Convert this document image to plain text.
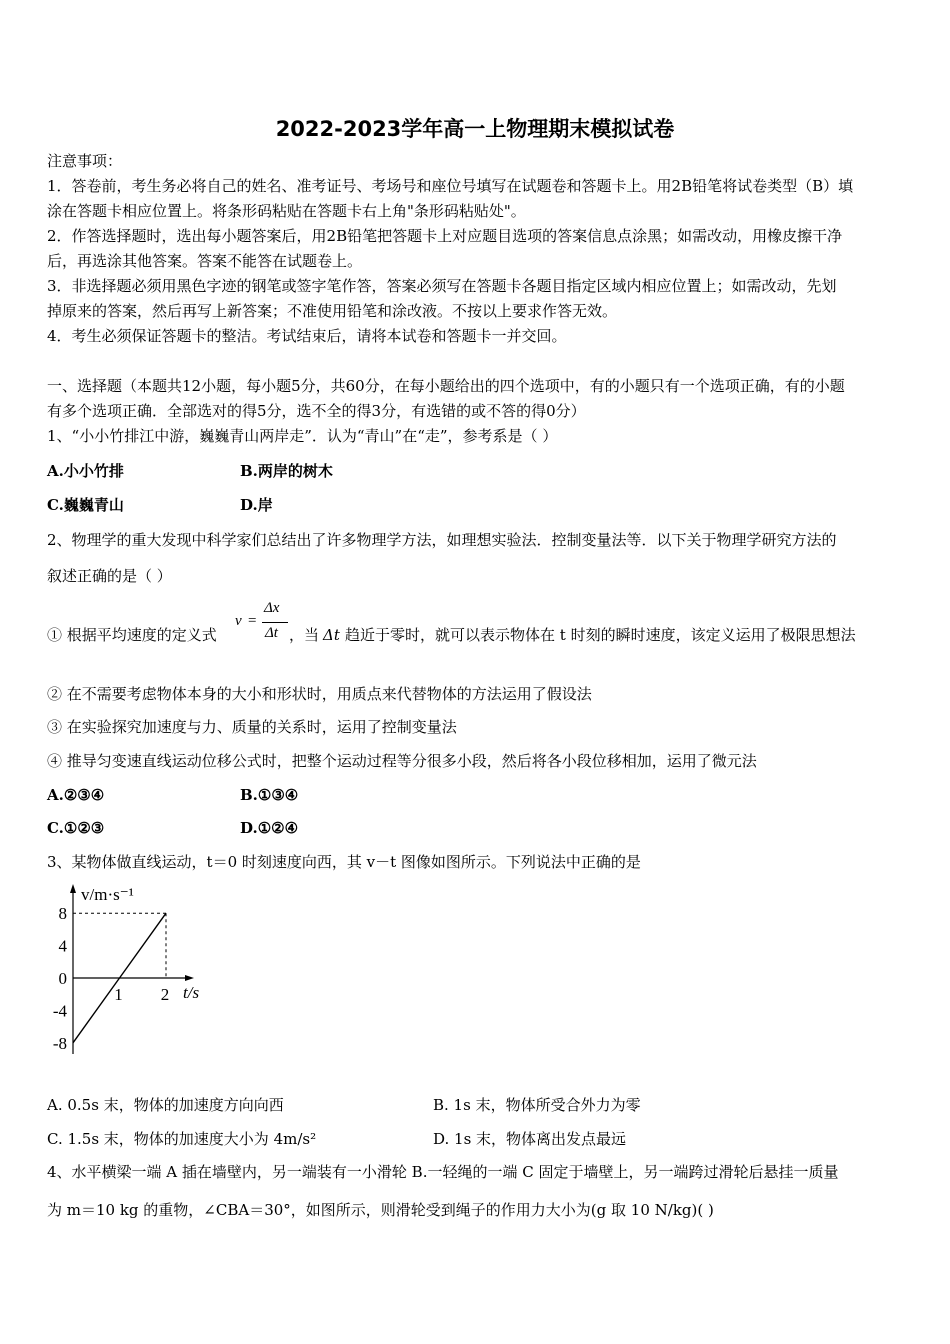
2022-2023学年高一上物理期末模拟试卷
注意事项：
1．答卷前，考生务必将自己的姓名、准考证号、考场号和座位号填写在试题卷和答题卡上。用2B铅笔将试卷类型（B）填
涂在答题卡相应位置上。将条形码粘贴在答题卡右上角"条形码粘贴处"。
2．作答选择题时，选出每小题答案后，用2B铅笔把答题卡上对应题目选项的答案信息点涂黑；如需改动，用橡皮擦干净
后，再选涂其他答案。答案不能答在试题卷上。
3．非选择题必须用黑色字迹的钢笔或签字笔作答，答案必须写在答题卡各题目指定区域内相应位置上；如需改动，先划
掉原来的答案，然后再写上新答案；不准使用铅笔和涂改液。不按以上要求作答无效。
4．考生必须保证答题卡的整洁。考试结束后，请将本试卷和答题卡一并交回。
一、选择题（本题共12小题，每小题5分，共60分，在每小题给出的四个选项中，有的小题只有一个选项正确，有的小题
有多个选项正确．全部选对的得5分，选不全的得3分，有选错的或不答的得0分）
1、“小小竹排江中游，巍巍青山两岸走”．认为“青山”在“走”，参考系是（ ）
A.小小竹排	B.两岸的树木
C.巍巍青山	D.岸
2、物理学的重大发现中科学家们总结出了许多物理学方法，如理想实验法．控制变量法等．以下关于物理学研究方法的
叙述正确的是（ ）
① 根据平均速度的定义式
v =
Δx
Δt ，当 Δt 趋近于零时，就可以表示物体在 t 时刻的瞬时速度，该定义运用了极限思想法
② 在不需要考虑物体本身的大小和形状时，用质点来代替物体的方法运用了假设法
③ 在实验探究加速度与力、质量的关系时，运用了控制变量法
④ 推导匀变速直线运动位移公式时，把整个运动过程等分很多小段，然后将各小段位移相加，运用了微元法
A.②③④	B.①③④
C.①②③	D.①②④
3、某物体做直线运动，t＝0 时刻速度向西，其 v－t 图像如图所示。下列说法中正确的是
v/m·s⁻¹
t/s
8
4
0
-4
-8
1 2
A. 0.5s 末，物体的加速度方向向西	B. 1s 末，物体所受合外力为零
C. 1.5s 末，物体的加速度大小为 4m/s²	D. 1s 末，物体离出发点最远
4、水平横梁一端 A 插在墙壁内，另一端装有一小滑轮 B.一轻绳的一端 C 固定于墙壁上，另一端跨过滑轮后悬挂一质量
为 m＝10 kg 的重物，∠CBA＝30°，如图所示，则滑轮受到绳子的作用力大小为(g 取 10 N/kg)( )
